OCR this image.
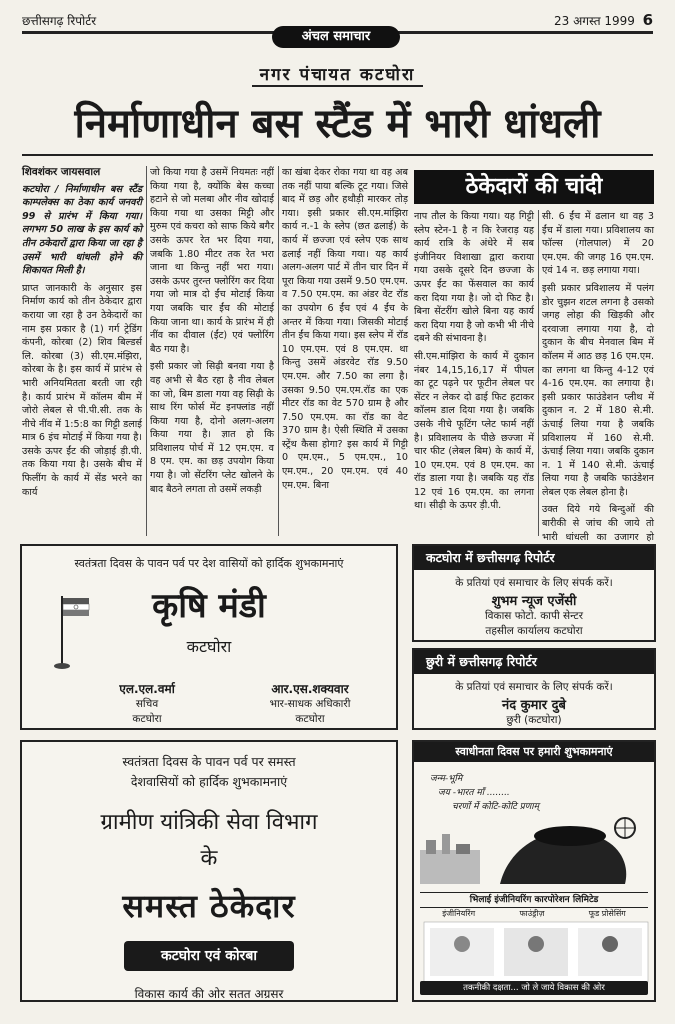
छत्तीसगढ़ रिपोर्टर	23 अगस्त 1999 6
अंचल समाचार
नगर पंचायत कटघोरा
निर्माणाधीन बस स्टैंड में भारी धांधली

शिवशंकर जायसवाल

कटघोरा / निर्माणाधीन बस स्टैंड काम्पलेक्स का ठेका कार्य जनवरी 99 से प्रारंभ में किया गया। लगभग 50 लाख के इस कार्य को तीन ठकेदारों द्वारा किया जा रहा है उसमें भारी धांधली होने की शिकायत मिली है।

प्राप्त जानकारी के अनुसार इस निर्माण कार्य को तीन ठेकेदार द्वारा कराया जा रहा है उन ठेकेदारों का नाम इस प्रकार है (1) गर्ग ट्रेडिंग कंपनी, कोरबा (2) शिव बिल्डर्स लि. कोरबा (3) सी.एम.मंझिरा, कोरबा के है। इस कार्य में प्रारंभ से भारी अनियमितता बरती जा रही है। कार्य प्रारंभ में कॉलम बीम में जोरो लेबल से पी.पी.सी. तक के नीचे नींव में 1:5:8 का गिट्टी डलाई मात्र 6 इंच मोटाई में किया गया है। उसके ऊपर ईंट की जोड़ाई ड़ी.पी. तक किया गया है। उसके बीच में फिलींग के कार्य में सेंड भरने का कार्य

जो किया गया है उसमें नियमतः नहीं किया गया है, क्योंकि बेस कच्चा हटाने से जो मलबा और नीव खोदाई किया गया था उसका मिट्टी और मुरुम एवं कचरा को साफ किये बगैर उसके ऊपर रेत भर दिया गया, जबकि 1.80 मीटर तक रेत भरा जाना था किन्तु नहीं भरा गया। उसके ऊपर तुरन्त फ्लोरिंग कर दिया गया जो मात्र दो ईंच मोटाई किया गया जबकि चार ईंच की मोटाई किया जाना था। कार्य के प्रारंभ में ही नींव का दीवाल (ईंट) एवं फ्लोरिंग बैठ गया है।

इसी प्रकार जो सिढ़ी बनवा गया है वह अभी से बैठ रहा है नीव लेबल का जो, बिम डाला गया वह सिढ़ी के साथ रिंग फोर्स मेंट इनफ्लांड नहीं किया गया है, दोनो अलग-अलग किया गया है। ज्ञात हो कि प्रविशालय पोर्च में 12 एम.एम. व 8 एम. एम. का छड़ उपयोग किया गया है। जो सेंटरिंग प्लेट खोलने के बाद बैठने लगता तो उसमें लकड़ी

का खंबा देकर रोका गया था वह अब तक नहीं पाया बल्कि टूट गया। जिसे बाद में छड़ और हथौड़ी मारकर तोड़ गया। इसी प्रकार सी.एम.मांझिरा कार्य न.-1 के स्लेप (छत ढलाई) के कार्य में छज्जा एवं स्लेप एक साथ ढलाई नहीं किया गया। यह कार्य अलग-अलग पार्ट में तीन चार दिन में पूरा किया गया उसमें 9.50 एम.एम. व 7.50 एम.एम. का अंडर वेट रॉड का उपयोग 6 ईंच एवं 4 ईंच के अन्तर में किया गया। जिसकी मोटाई तीन ईंच किया गया। इस स्लेप में रॉड 10 एम.एम. एवं 8 एम.एम. था किन्तु उसमें अंडरवेट रॉड 9.50 एम.एम. और 7.50 का लगा है। उसका 9.50 एम.एम.रॉड का एक मीटर रॉड का वेट 570 ग्राम है और 7.50 एम.एम. का रॉड का वेट 370 ग्राम है। ऐसी स्थिति में उसका स्ट्रेंथ कैसा होगा? इस कार्य में गिट्टी 0 एम.एम., 5 एम.एम., 10 एम.एम., 20 एम.एम. एवं 40 एम.एम. बिना

ठेकेदारों की चांदी

नाप तौल के किया गया। यह गिट्टी स्लेप स्टेन-1 है न कि रेजराड़ यह कार्य रात्रि के अंधेरे में सब इंजीनियर विशाखा द्वारा कराया गया उसके दूसरे दिन छज्जा के ऊपर ईंट का फेंसवाल का कार्य करा दिया गया है। जो दो फिट है। बिना सेंटरींग खोले बिना यह कार्य करा दिया गया है जो कभी भी नीचे दबने की संभावना है।

सी.एम.मांझिरा के कार्य में दुकान नंबर 14,15,16,17 में पीपल का टूट पढ़ने पर फूटीन लेबल पर सेंटर न लेकर दो ढाई फिट हटाकर कॉलम डाल दिया गया है। जबकि उसके नीचे फूटिंग प्लेट फार्म नहीं है। प्रविशालय के पीछे छज्जा में चार फीट (लेबल बिम) के कार्य में, 10 एम.एम. एवं 8 एम.एम. का रॉड डाला गया है। जबकि यह रॉड 12 एवं 16 एम.एम. का लगना था। सीढ़ी के ऊपर ड़ी.पी.

सी. 6 ईंच में ढलान था वह 3 ईंच में डाला गया। प्रविशालय का फॉल्स (गोलपाल) में 20 एम.एम. की जगह 16 एम.एम. एवं 14 न. छड़ लगाया गया।

इसी प्रकार प्रविशालय में पलंग डोर चुझन शटल लगना है उसको जगह लोहा की खिड़की और दरवाजा लगाया गया है, दो दुकान के बीच मेनवाल बिम में कॉलम में आठ छड़ 16 एम.एम. का लगना था किन्तु 4-12 एवं 4-16 एम.एम. का लगाया है। इसी प्रकार फाउंडेशन प्लीथ में दुकान न. 2 में 180 से.मी. ऊंचाई लिया गया है जबकि प्रविशालय में 160 से.मी. ऊंचाई लिया गया। जबकि दुकान न. 1 में 140 से.मी. ऊंचाई लिया गया है जबकि फाउंडेशन लेबल एक लेबल होना है।

उक्त दिये गये बिन्दुओं की बारीकी से जांच की जाये तो भारी धांधली का उजागर हो

स्वतंत्रता दिवस के पावन पर्व पर देश वासियों को हार्दिक शुभकामनाएं
कृषि मंडी
कटघोरा
एल.एल.वर्मा
सचिव
कटघोरा
आर.एस.शक्यवार
भार-साधक अधिकारी
कटघोरा
कटघोरा में छत्तीसगढ़ रिपोर्टर
के प्रतियां एवं समाचार के लिए संपर्क करें।
शुभम न्यूज एजेंसी
विकास फोटो. कापी सेन्टर
तहसील कार्यालय कटघोरा
छुरी में छत्तीसगढ़ रिपोर्टर
के प्रतियां एवं समाचार के लिए संपर्क करें।
नंद कुमार दुबे
छुरी (कटघोरा)
स्वतंत्रता दिवस के पावन पर्व पर समस्त
देशवासियों को हार्दिक शुभकामनाएं
ग्रामीण यांत्रिकी सेवा विभाग
के
समस्त ठेकेदार
कटघोरा एवं कोरबा
विकास कार्य की ओर सतत अग्रसर
स्वाधीनता दिवस पर हमारी शुभकामनाएं
जन्म-भूमि
जय -भारत माँ ........
चरणों में कोटि-कोटि प्रणाम्
भिलाई इंजीनियरिंग कारपोरेशन लिमिटेड
इंजीनियरिंग	फाउंड्रीज़	फूड प्रोसेसिंग
तकनीकी दक्षता... जो ले जाये विकास की ओर
